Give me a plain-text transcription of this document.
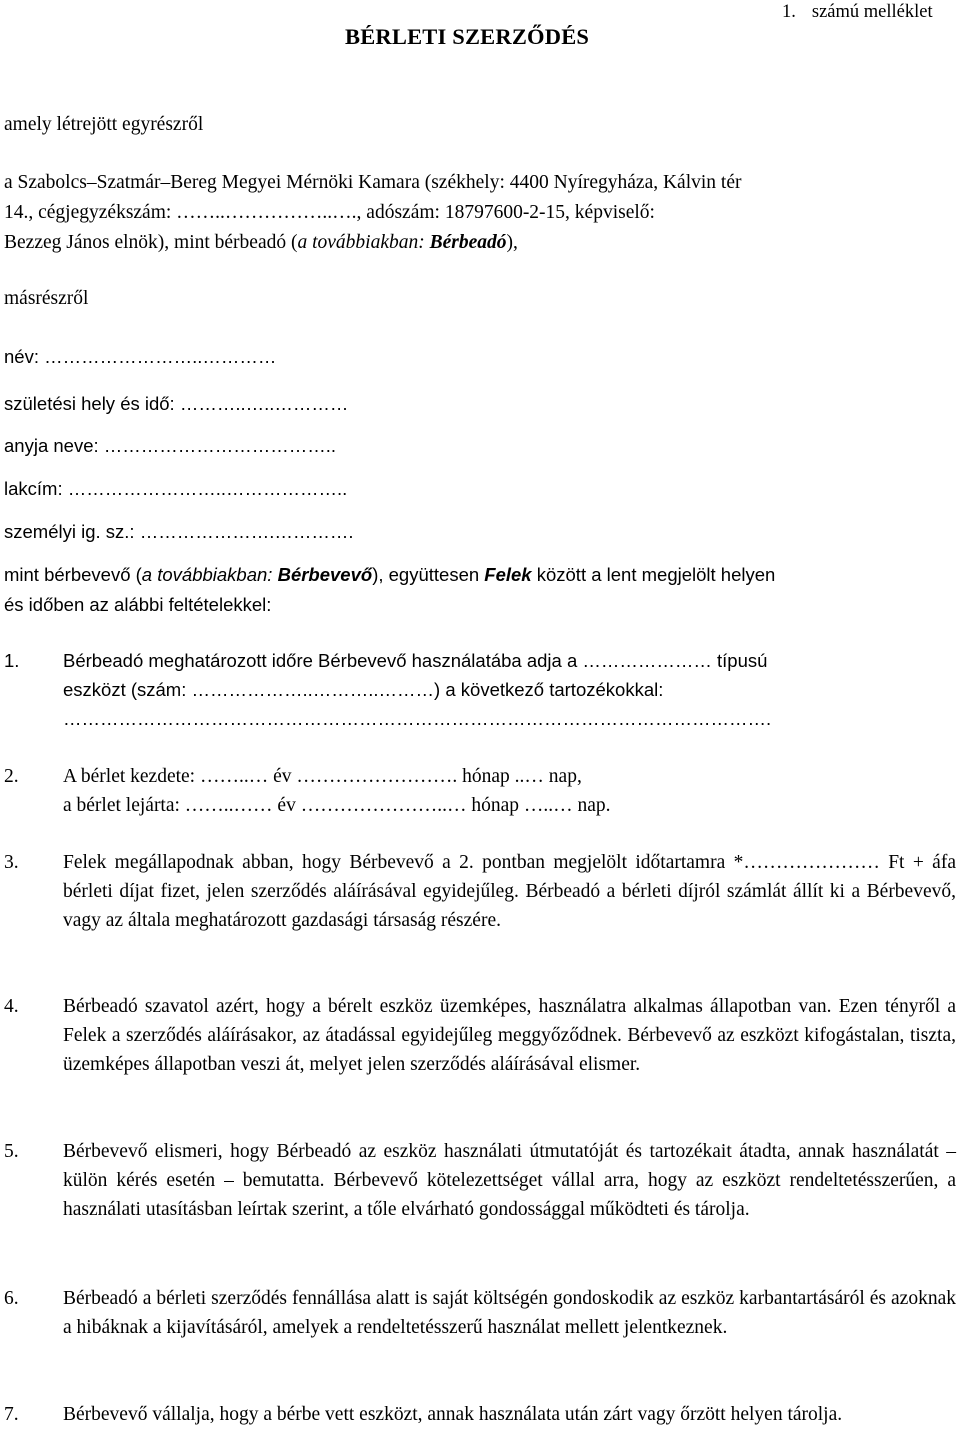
1. számú melléklet
BÉRLETI SZERZŐDÉS
amely létrejött egyrészről
a Szabolcs–Szatmár–Bereg Megyei Mérnöki Kamara (székhely: 4400 Nyíregyháza, Kálvin tér
14., cégjegyzékszám: ……..……………..…., adószám: 18797600-2-15, képviselő:
Bezzeg János elnök), mint bérbeadó (a továbbiakban: Bérbeadó),
másrészről
név: ……………………..…………
születési hely és idő: ………..…..…………
anyja neve: ………………………………..
lakcím: ……………………..………………..
személyi ig. sz.: ………………….………….
mint bérbevevő (a továbbiakban: Bérbevevő), együttesen Felek között a lent megjelölt helyen
és időben az alábbi feltételekkel:
1. Bérbeadó meghatározott időre Bérbevevő használatába adja a ………………… típusú
eszközt (szám: ………………..………..………) a következő tartozékokkal:
…………………………………………………………………………………………………….
2. A bérlet kezdete: ……..… év ……………………. hónap ..… nap,
a bérlet lejárta: ……..…… év …………………..… hónap …..… nap.
3. Felek megállapodnak abban, hogy Bérbevevő a 2. pontban megjelölt időtartamra *………………… Ft + áfa bérleti díjat fizet, jelen szerződés aláírásával egyidejűleg. Bérbeadó a bérleti díjról számlát állít ki a Bérbevevő, vagy az általa meghatározott gazdasági társaság részére.
4. Bérbeadó szavatol azért, hogy a bérelt eszköz üzemképes, használatra alkalmas állapotban van. Ezen tényről a Felek a szerződés aláírásakor, az átadással egyidejűleg meggyőződnek. Bérbevevő az eszközt kifogástalan, tiszta, üzemképes állapotban veszi át, melyet jelen szerződés aláírásával elismer.
5. Bérbevevő elismeri, hogy Bérbeadó az eszköz használati útmutatóját és tartozékait átadta, annak használatát – külön kérés esetén – bemutatta. Bérbevevő kötelezettséget vállal arra, hogy az eszközt rendeltetésszerűen, a használati utasításban leírtak szerint, a tőle elvárható gondossággal működteti és tárolja.
6. Bérbeadó a bérleti szerződés fennállása alatt is saját költségén gondoskodik az eszköz karbantartásáról és azoknak a hibáknak a kijavításáról, amelyek a rendeltetésszerű használat mellett jelentkeznek.
7. Bérbevevő vállalja, hogy a bérbe vett eszközt, annak használata után zárt vagy őrzött helyen tárolja.
